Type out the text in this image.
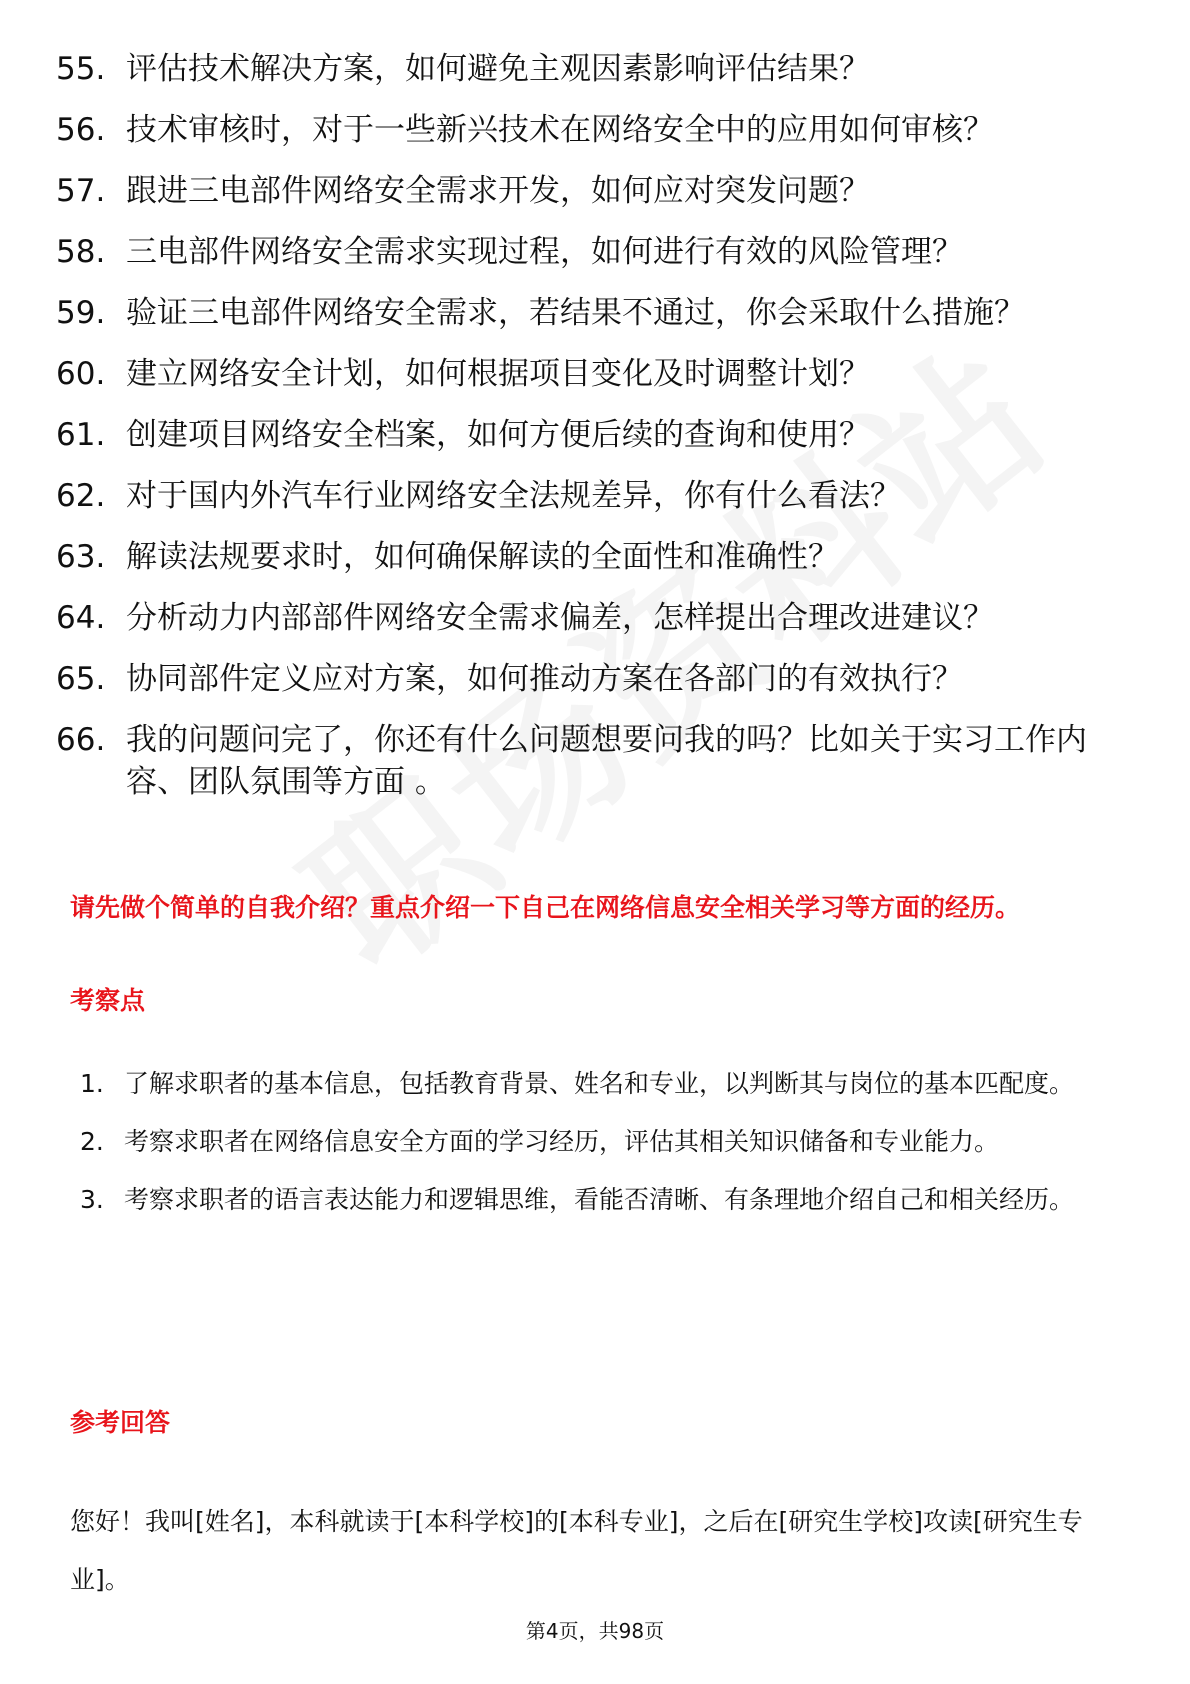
55. 评估技术解决方案，如何避免主观因素影响评估结果？
56. 技术审核时，对于一些新兴技术在网络安全中的应用如何审核？
57. 跟进三电部件网络安全需求开发，如何应对突发问题？
58. 三电部件网络安全需求实现过程，如何进行有效的风险管理？
59. 验证三电部件网络安全需求，若结果不通过，你会采取什么措施？
60. 建立网络安全计划，如何根据项目变化及时调整计划？
61. 创建项目网络安全档案，如何方便后续的查询和使用？
62. 对于国内外汽车行业网络安全法规差异，你有什么看法？
63. 解读法规要求时，如何确保解读的全面性和准确性？
64. 分析动力内部部件网络安全需求偏差，怎样提出合理改进建议？
65. 协同部件定义应对方案，如何推动方案在各部门的有效执行？
66. 我的问题问完了，你还有什么问题想要问我的吗？比如关于实习工作内容、团队氛围等方面 。
请先做个简单的自我介绍？重点介绍一下自己在网络信息安全相关学习等方面的经历。
考察点
1. 了解求职者的基本信息，包括教育背景、姓名和专业，以判断其与岗位的基本匹配度。
2. 考察求职者在网络信息安全方面的学习经历，评估其相关知识储备和专业能力。
3. 考察求职者的语言表达能力和逻辑思维，看能否清晰、有条理地介绍自己和相关经历。
参考回答
您好！我叫[姓名]，本科就读于[本科学校]的[本科专业]，之后在[研究生学校]攻读[研究生专业]。
第4页，共98页
